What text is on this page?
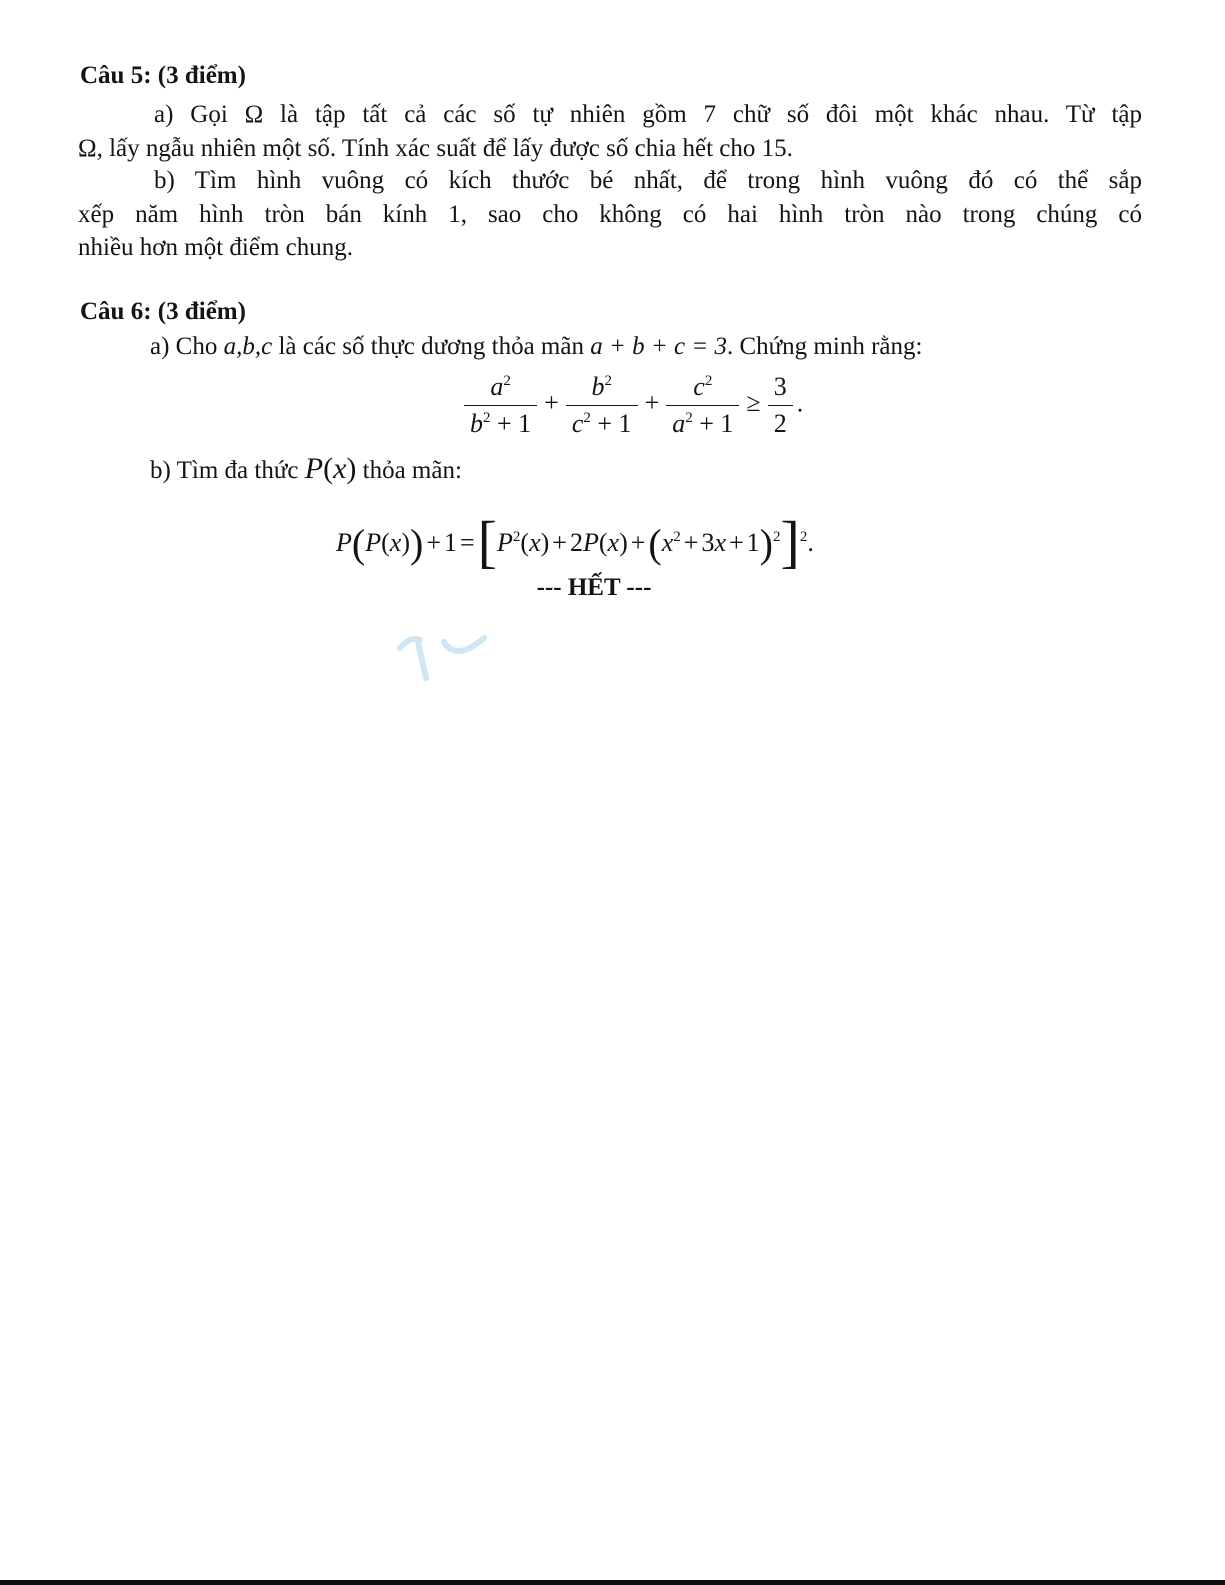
Câu 5: (3 điểm)
a) Gọi Ω là tập tất cả các số tự nhiên gồm 7 chữ số đôi một khác nhau. Từ tập

Ω, lấy ngẫu nhiên một số. Tính xác suất để lấy được số chia hết cho 15.
b) Tìm hình vuông có kích thước bé nhất, để trong hình vuông đó có thể sắp
xếp năm hình tròn bán kính 1, sao cho không có hai hình tròn nào trong chúng có
nhiều hơn một điểm chung.
Câu 6: (3 điểm)
a) Cho a,b,c là các số thực dương thỏa mãn a + b + c = 3. Chứng minh rằng:
$\frac{a^2}{b^2 + 1} + \frac{b^2}{c^2 + 1} + \frac{c^2}{a^2 + 1} \ge \frac{3}{2}$ .
b) Tìm đa thức P(x) thỏa mãn:
$P(P(x)) + 1 =[P^2(x) + 2P(x) +(x^2 + 3x + 1)^2]^2$.
--- HẾT ---
